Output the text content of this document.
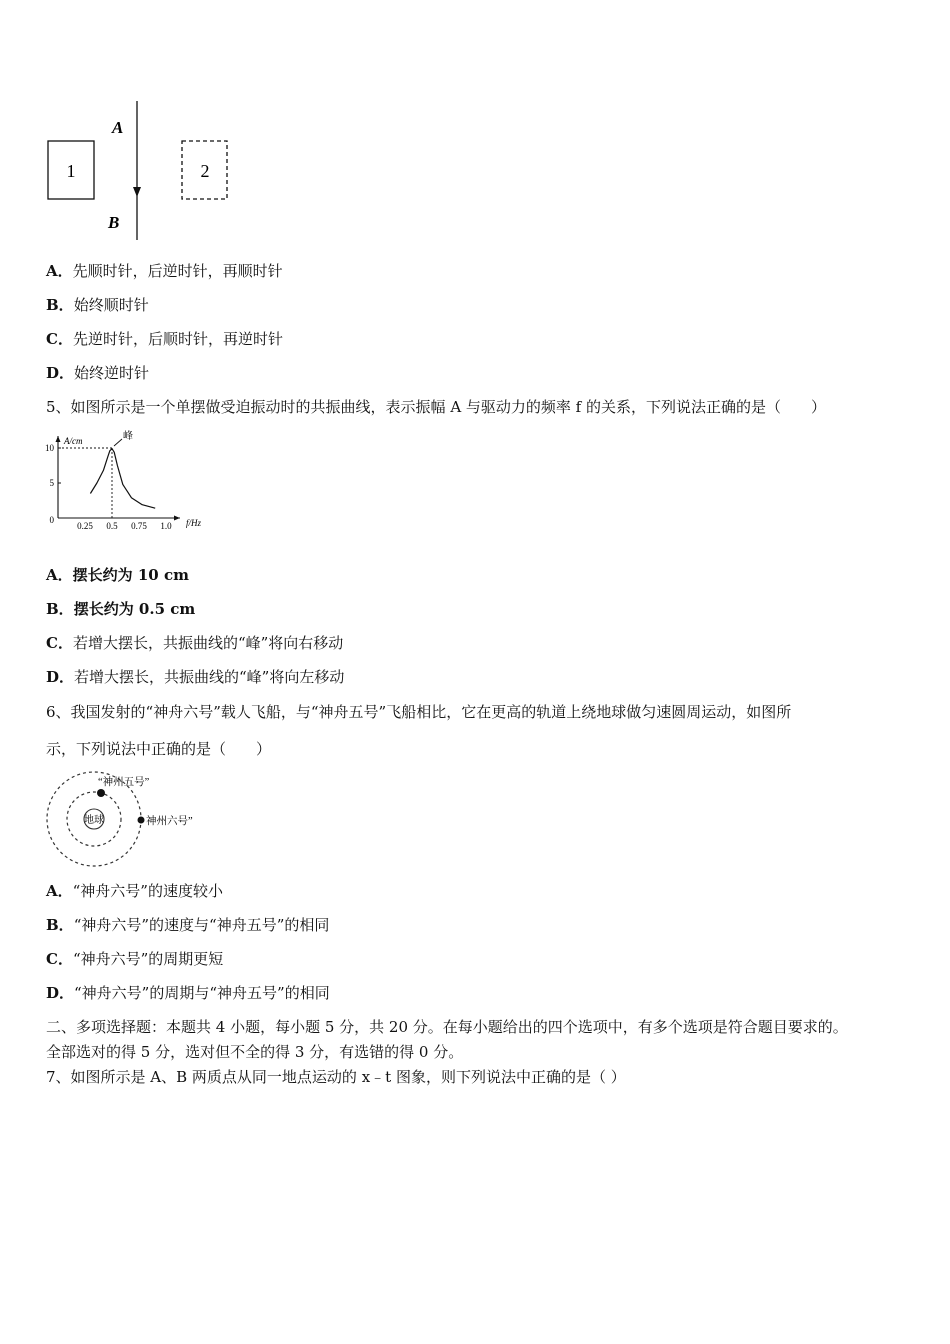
1	2
A
B
A．先顺时针，后逆时针，再顺时针
B．始终顺时针
C．先逆时针，后顺时针，再逆时针
D．始终逆时针
5、如图所示是一个单摆做受迫振动时的共振曲线，表示振幅 A 与驱动力的频率 f 的关系，下列说法正确的是（　　）
A/cm
f/Hz
0
0.25 0.5 0.75 1.0
10
5
峰
A．摆长约为 10 cm
B．摆长约为 0.5 cm
C．若增大摆长，共振曲线的“峰”将向右移动
D．若增大摆长，共振曲线的“峰”将向左移动
6、我国发射的“神舟六号”载人飞船，与“神舟五号”飞船相比，它在更高的轨道上绕地球做匀速圆周运动，如图所
示，下列说法中正确的是（　　）
地球
“神州五号”
神州六号”
A．“神舟六号”的速度较小
B．“神舟六号”的速度与“神舟五号”的相同
C．“神舟六号”的周期更短
D．“神舟六号”的周期与“神舟五号”的相同
二、多项选择题：本题共 4 小题，每小题 5 分，共 20 分。在每小题给出的四个选项中，有多个选项是符合题目要求的。
全部选对的得 5 分，选对但不全的得 3 分，有选错的得 0 分。
7、如图所示是 A、B 两质点从同一地点运动的 x﹣t 图象，则下列说法中正确的是（ ）
